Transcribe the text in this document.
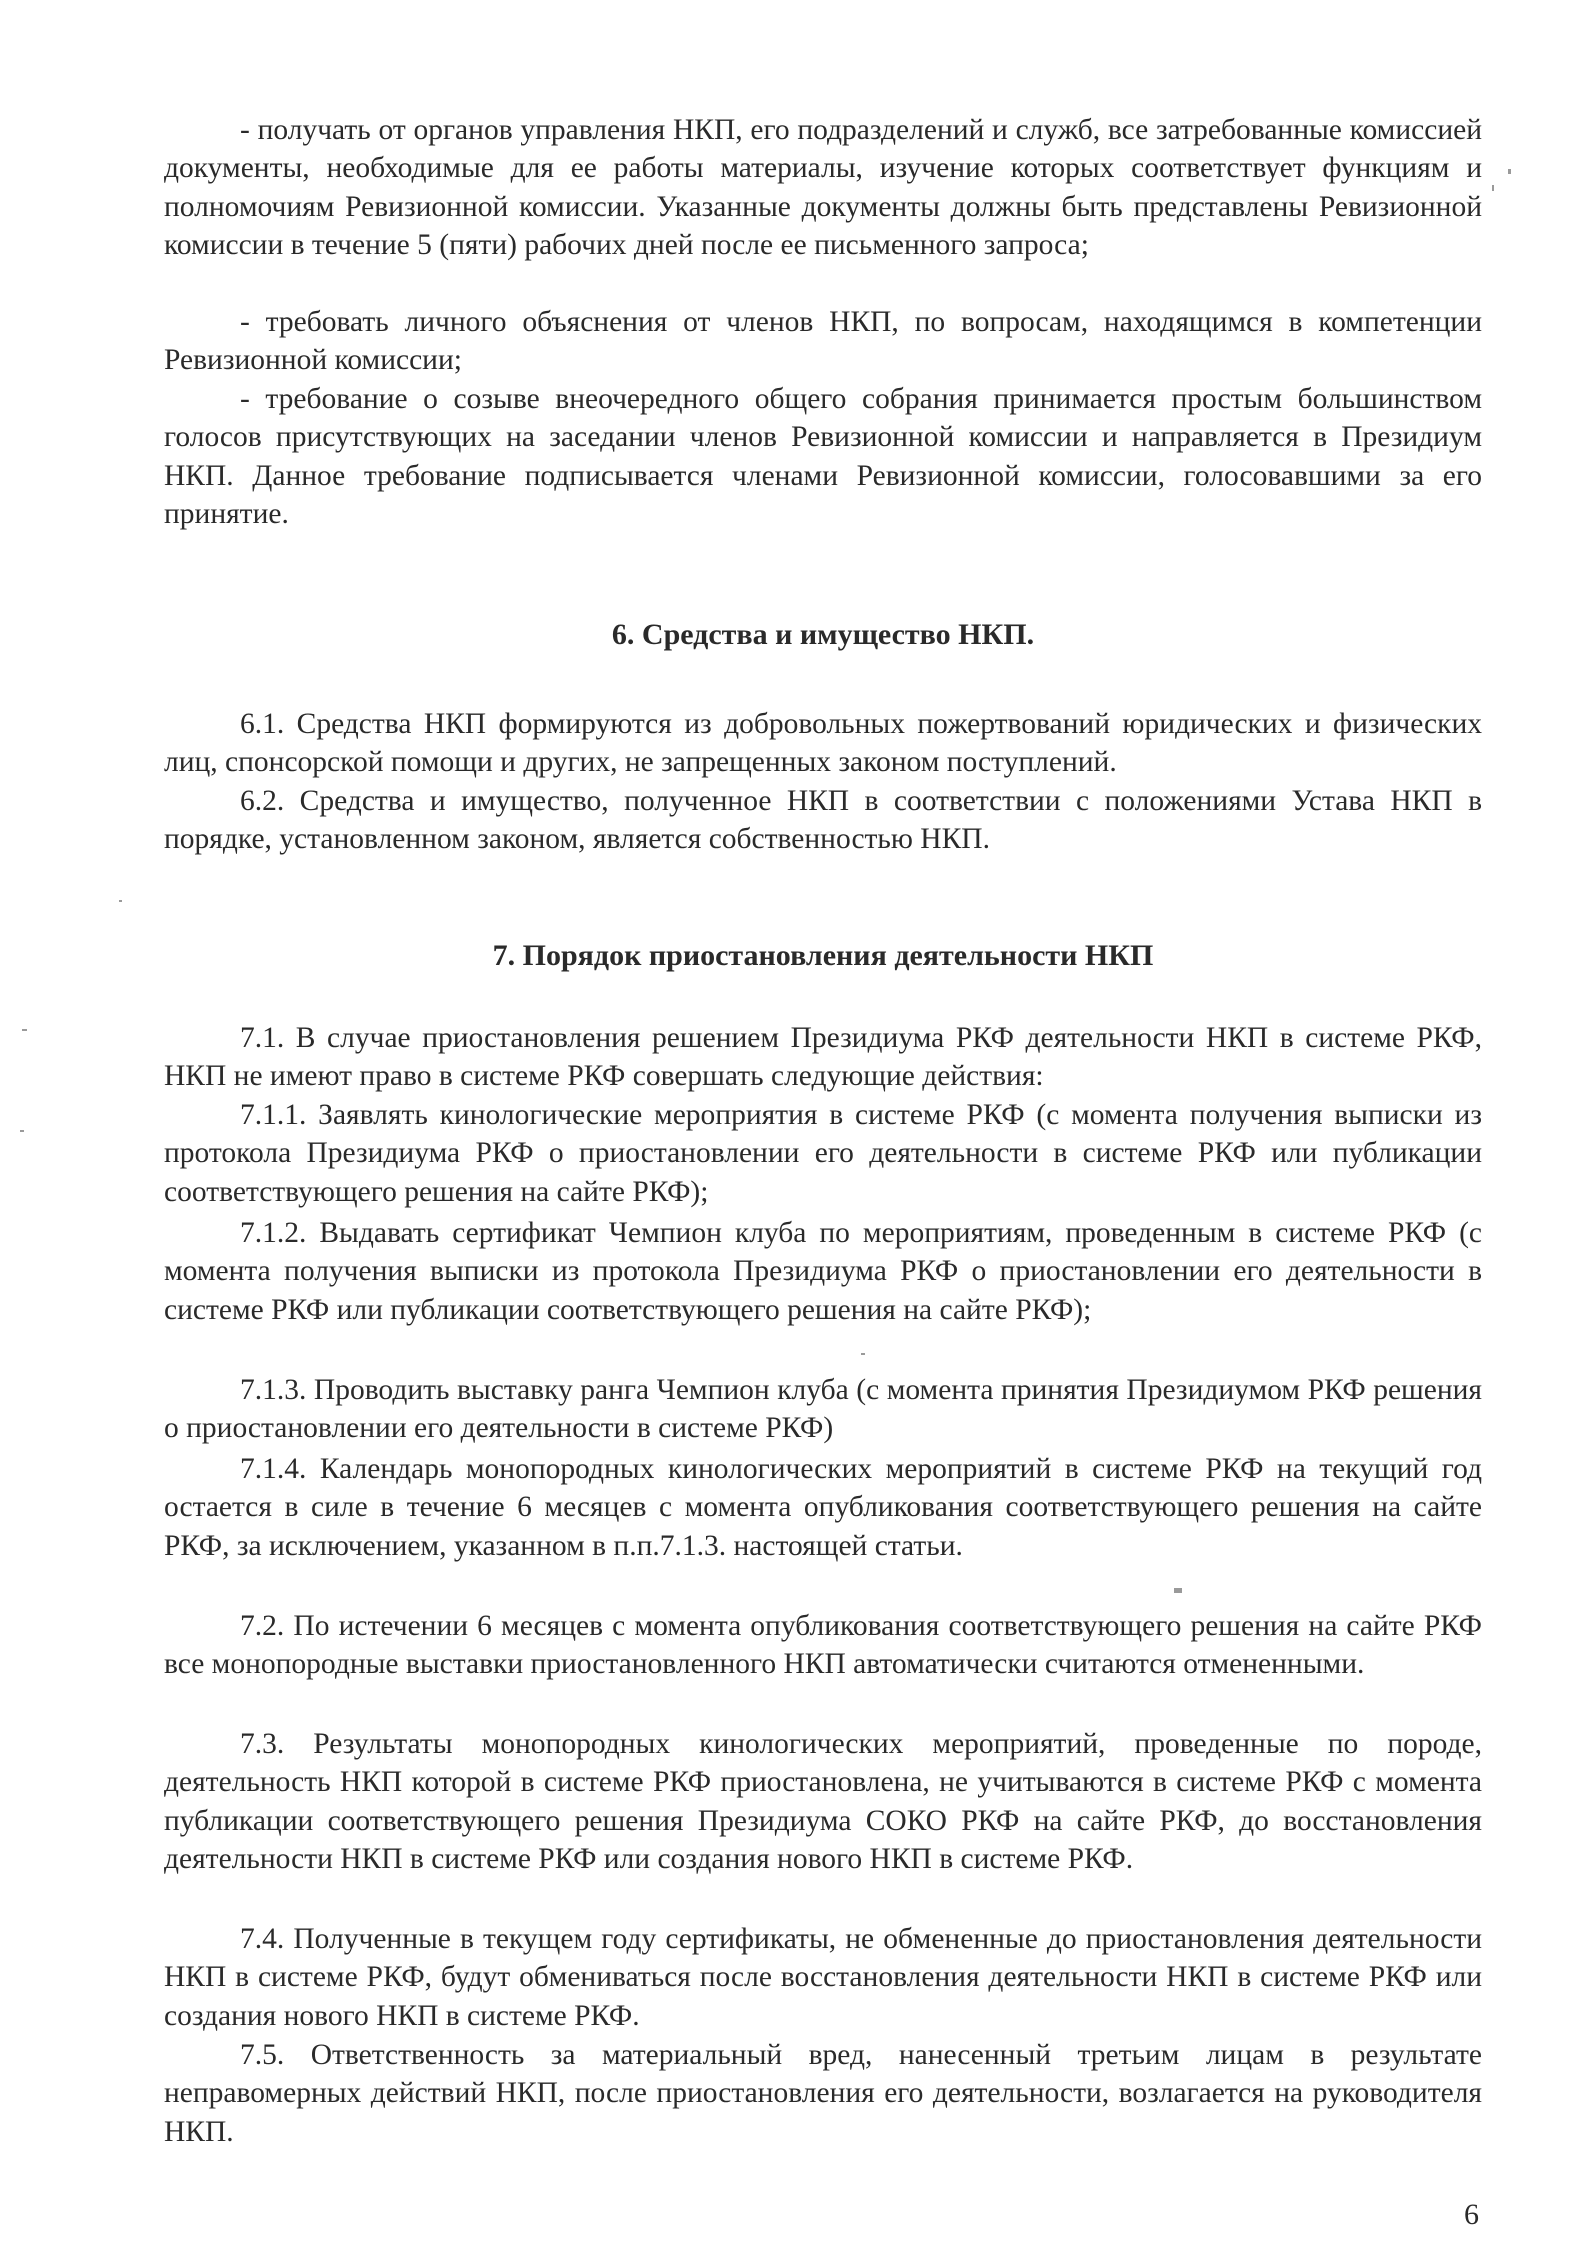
- получать от органов управления НКП, его подразделений и служб, все затребованные комиссией документы, необходимые для ее работы материалы, изучение которых соответствует функциям и полномочиям Ревизионной комиссии. Указанные документы должны быть представлены Ревизионной комиссии в течение 5 (пяти) рабочих дней после ее письменного запроса;

- требовать личного объяснения от членов НКП, по вопросам, находящимся в компетенции Ревизионной комиссии;

- требование о созыве внеочередного общего собрания принимается простым большинством голосов присутствующих на заседании членов Ревизионной комиссии и направляется в Президиум НКП. Данное требование подписывается членами Ревизионной комиссии, голосовавшими за его принятие.

6. Средства и имущество НКП.

6.1. Средства НКП формируются из добровольных пожертвований юридических и физических лиц, спонсорской помощи и других, не запрещенных законом поступлений.

6.2. Средства и имущество, полученное НКП в соответствии с положениями Устава НКП в порядке, установленном законом, является собственностью НКП.

7. Порядок приостановления деятельности НКП

7.1. В случае приостановления решением Президиума РКФ деятельности НКП в системе РКФ, НКП не имеют право в системе РКФ совершать следующие действия:

7.1.1. Заявлять кинологические мероприятия в системе РКФ (с момента получения выписки из протокола Президиума РКФ о приостановлении его деятельности в системе РКФ или публикации соответствующего решения на сайте РКФ);

7.1.2. Выдавать сертификат Чемпион клуба по мероприятиям, проведенным в системе РКФ (с момента получения выписки из протокола Президиума РКФ о приостановлении его деятельности в системе РКФ или публикации соответствующего решения на сайте РКФ);

7.1.3. Проводить выставку ранга Чемпион клуба (с момента принятия Президиумом РКФ решения о приостановлении его деятельности в системе РКФ)

7.1.4. Календарь монопородных кинологических мероприятий в системе РКФ на текущий год остается в силе в течение 6 месяцев с момента опубликования соответствующего решения на сайте РКФ, за исключением, указанном в п.п.7.1.3. настоящей статьи.

7.2. По истечении 6 месяцев с момента опубликования соответствующего решения на сайте РКФ все монопородные выставки приостановленного НКП автоматически считаются отмененными.

7.3. Результаты монопородных кинологических мероприятий, проведенные по породе, деятельность НКП которой в системе РКФ приостановлена, не учитываются в системе РКФ с момента публикации соответствующего решения Президиума СОКО РКФ на сайте РКФ, до восстановления деятельности НКП в системе РКФ или создания нового НКП в системе РКФ.

7.4. Полученные в текущем году сертификаты, не обмененные до приостановления деятельности НКП в системе РКФ, будут обмениваться после восстановления деятельности НКП в системе РКФ или создания нового НКП в системе РКФ.

7.5. Ответственность за материальный вред, нанесенный третьим лицам в результате неправомерных действий НКП, после приостановления его деятельности, возлагается на руководителя НКП.

6
